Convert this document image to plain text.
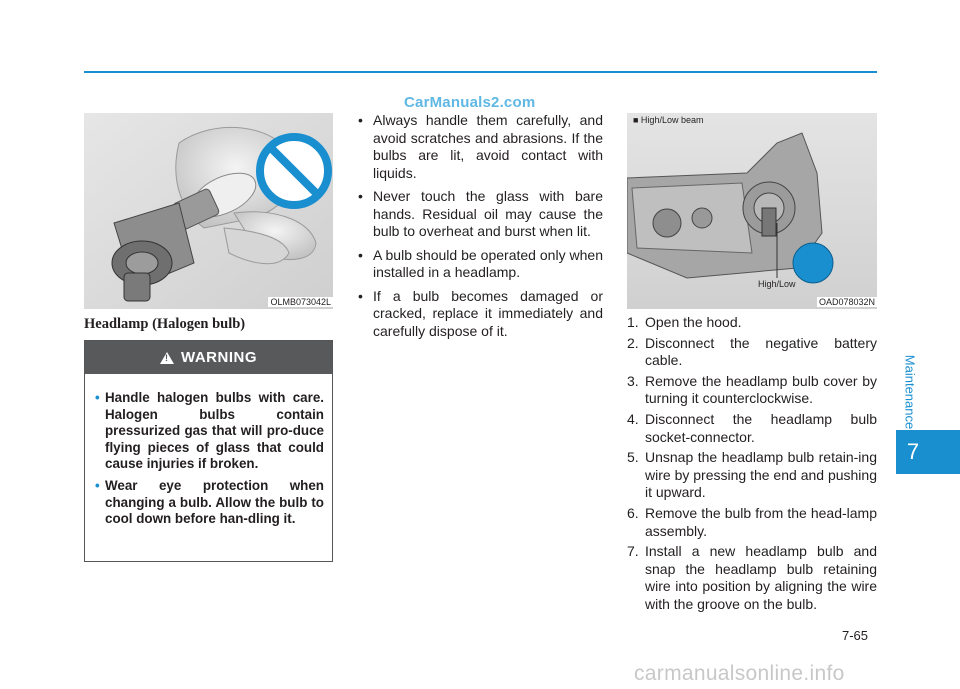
CarManuals2.com
OLMB073042L
Headlamp (Halogen bulb)
!
WARNING
• Handle halogen bulbs with care. Halogen bulbs contain pressurized gas that will pro-duce flying pieces of glass that could cause injuries if broken.
• Wear eye protection when changing a bulb. Allow the bulb to cool down before han-dling it.
• Always handle them carefully, and avoid scratches and abrasions. If the bulbs are lit, avoid contact with liquids.
• Never touch the glass with bare hands. Residual oil may cause the bulb to overheat and burst when lit.
• A bulb should be operated only when installed in a headlamp.
• If a bulb becomes damaged or cracked, replace it immediately and carefully dispose of it.
OAD078032N
■ High/Low beam
High/Low
1. Open the hood.
2. Disconnect the negative battery cable.
3. Remove the headlamp bulb cover by turning it counterclockwise.
4. Disconnect the headlamp bulb socket-connector.
5. Unsnap the headlamp bulb retain-ing wire by pressing the end and pushing it upward.
6. Remove the bulb from the head-lamp assembly.
7. Install a new headlamp bulb and snap the headlamp bulb retaining wire into position by aligning the wire with the groove on the bulb.
Maintenance
7
7-65
carmanualsonline.info
